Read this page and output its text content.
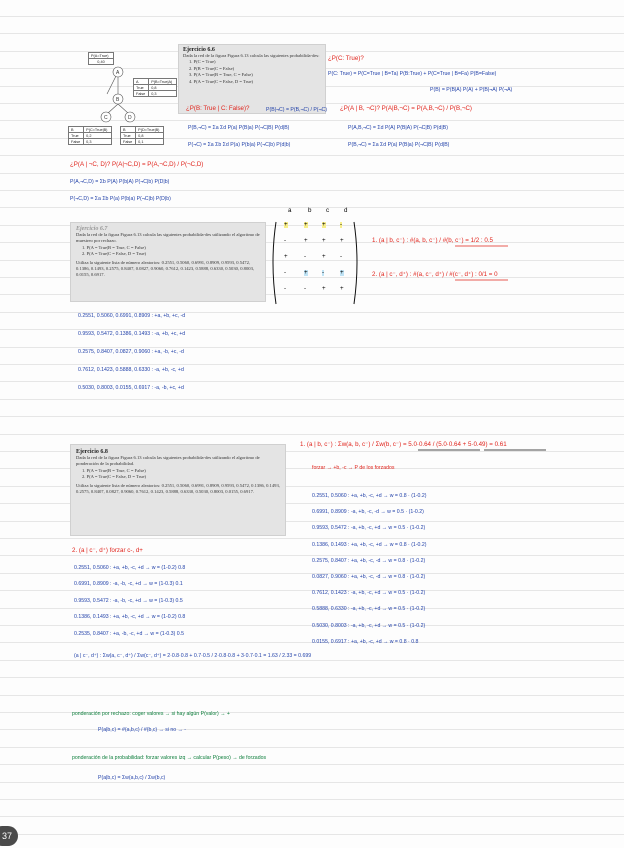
Ejercicio 6.6
Dada la red de la figura Figura 6.13 calcula las siguientes probabilida-des:
1. P(C = True)
2. P(B = True|C = False)
3. P(A = True|B = True, C = False)
4. P(A = True|C = False, D = True)
A
B
C	D
P(A=True)
0,40
A	P(B=True|A)
True	0,8
False	0,3
B	P(C=True|B)
True	0,2
False	0,3
B	P(D=True|B)
True	0,8
False	0,1
¿P(C: True)?
P(C: True) = P(C=True | B=Ta) P(B:True) + P(C=True | B=Fa) P(B=False)
P(B) = P(B|A) P(A) + P(B|¬A) P(¬A)
¿P(B: True | C: False)?	P(B|¬C) = P(B,¬C) / P(¬C)
P(B,¬C) = Σa Σd P(a) P(B|a) P(¬C|B) P(d|B)
P(¬C) = Σa Σb Σd P(a) P(b|a) P(¬C|b) P(d|b)
¿P(A | B, ¬C)? P(A|B,¬C) = P(A,B,¬C) / P(B,¬C)
P(A,B,¬C) = Σd P(A) P(B|A) P(¬C|B) P(d|B)
P(B,¬C) = Σa Σd P(a) P(B|a) P(¬C|B) P(d|B)
¿P(A | ¬C, D)? P(A|¬C,D) = P(A,¬C,D) / P(¬C,D)
P(A,¬C,D) = Σb P(A) P(b|A) P(¬C|b) P(D|b)
P(¬C,D) = Σa Σb P(a) P(b|a) P(¬C|b) P(D|b)
Ejercicio 6.7
Dada la red de la figura Figura 6.13 calcula las siguientes probabilida-des utilizando el algoritmo de muestreo por rechazo.
1. P(A = True|B = True, C = False)
2. P(A = True|C = False, D = True)
Utiliza la siguiente lista de número aleatorios: 0.2551, 0.5060, 0.6991, 0.8909, 0.9593, 0.5472, 0.1386, 0.1493, 0.2575, 0.8407, 0.0827, 0.9060, 0.7612, 0.1423, 0.5888, 0.6330, 0.5030, 0.8003, 0.0155, 0.6917.
a	b c d
+	+ + -
-	+ + +
+	-	+ -
-	+ -	+
-	-	+ +
1. (a | b, c⁻) : #(a, b, c⁻) / #(b, c⁻) = 1/2 : 0.5
2. (a | c⁻, d⁺) : #(a, c⁻, d⁺) / #(c⁻, d⁺) : 0/1 = 0
0.2551, 0.5060, 0.6991, 0.8909 : +a, +b, +c, -d
0.9593, 0.5472, 0.1386, 0.1493 : -a, +b, +c, +d
0.2575, 0.8407, 0.0827, 0.9060 : +a, -b, +c, -d
0.7612, 0.1423, 0.5888, 0.6330 : -a, +b, -c, +d
0.5030, 0.8003, 0.0155, 0.6917 : -a, -b, +c, +d
Ejercicio 6.8
Dada la red de la figura Figura 6.13 calcula las siguientes probabilida-des utilizando el algoritmo de ponderación de la probabilidad.
1. P(A = True|B = True, C = False)
2. P(A = True|C = False, D = True)
Utiliza la siguiente lista de número aleatorios: 0.2551, 0.5060, 0.6991, 0.8909, 0.9593, 0.5472, 0.1386, 0.1493, 0.2575, 0.8407, 0.0827, 0.9060, 0.7612, 0.1423, 0.5888, 0.6330, 0.5030, 0.8003, 0.0155, 0.6917.
1. (a | b, c⁻) : Σw(a, b, c⁻) / Σw(b, c⁻) = 5.0·0.64 / (5.0·0.64 + 5·0.49) = 0.61
forzar → +b, -c → P de los forzados
0.2551, 0.5060 : +a, +b, -c, +d → w = 0.8 · (1-0.2)
0.6991, 0.8909 : -a, +b, -c, -d → w = 0.5 · (1-0.2)
0.9593, 0.5472 : -a, +b, -c, +d → w = 0.5 · (1-0.2)
0.1386, 0.1493 : +a, +b, -c, +d → w = 0.8 · (1-0.2)
0.2575, 0.8407 : +a, +b, -c, -d → w = 0.8 · (1-0.2)
0.0827, 0.9060 : +a, +b, -c, -d → w = 0.8 · (1-0.2)
0.7612, 0.1423 : -a, +b, -c, +d → w = 0.5 · (1-0.2)
0.5888, 0.6330 : -a, +b, -c, +d → w = 0.5 · (1-0.2)
0.5030, 0.8003 : -a, +b, -c, +d → w = 0.5 · (1-0.2)
0.0155, 0.6917 : +a, +b, -c, +d → w = 0.8 · 0.8
2. (a | c⁻, d⁺) forzar c-, d+
0.2551, 0.5060 : +a, +b, -c, +d → w = (1-0.2) 0.8
0.6991, 0.8909 : -a, -b, -c, +d → w = (1-0.3) 0.1
0.9593, 0.5472 : -a, -b, -c, +d → w = (1-0.3) 0.5
0.1386, 0.1493 : +a, +b, -c, +d → w = (1-0.2) 0.8
0.2535, 0.8407 : +a, -b, -c, +d → w = (1-0.3) 0.5
(a | c⁻, d⁺) : Σw(a, c⁻, d⁺) / Σw(c⁻, d⁺) = 2·0.8·0.8 + 0.7·0.5 / 2·0.8·0.8 + 3·0.7·0.1 = 1.63 / 2.33 = 0.699
ponderación por rechazo: coger valores → si hay algún P(valor) → +
P(a|b,c) = #(a,b,c) / #(b,c) → si no → -
ponderación de la probabilidad: forzar valores izq → calcular P(peso) → de forzados
P(a|b,c) = Σw(a,b,c) / Σw(b,c)
37
